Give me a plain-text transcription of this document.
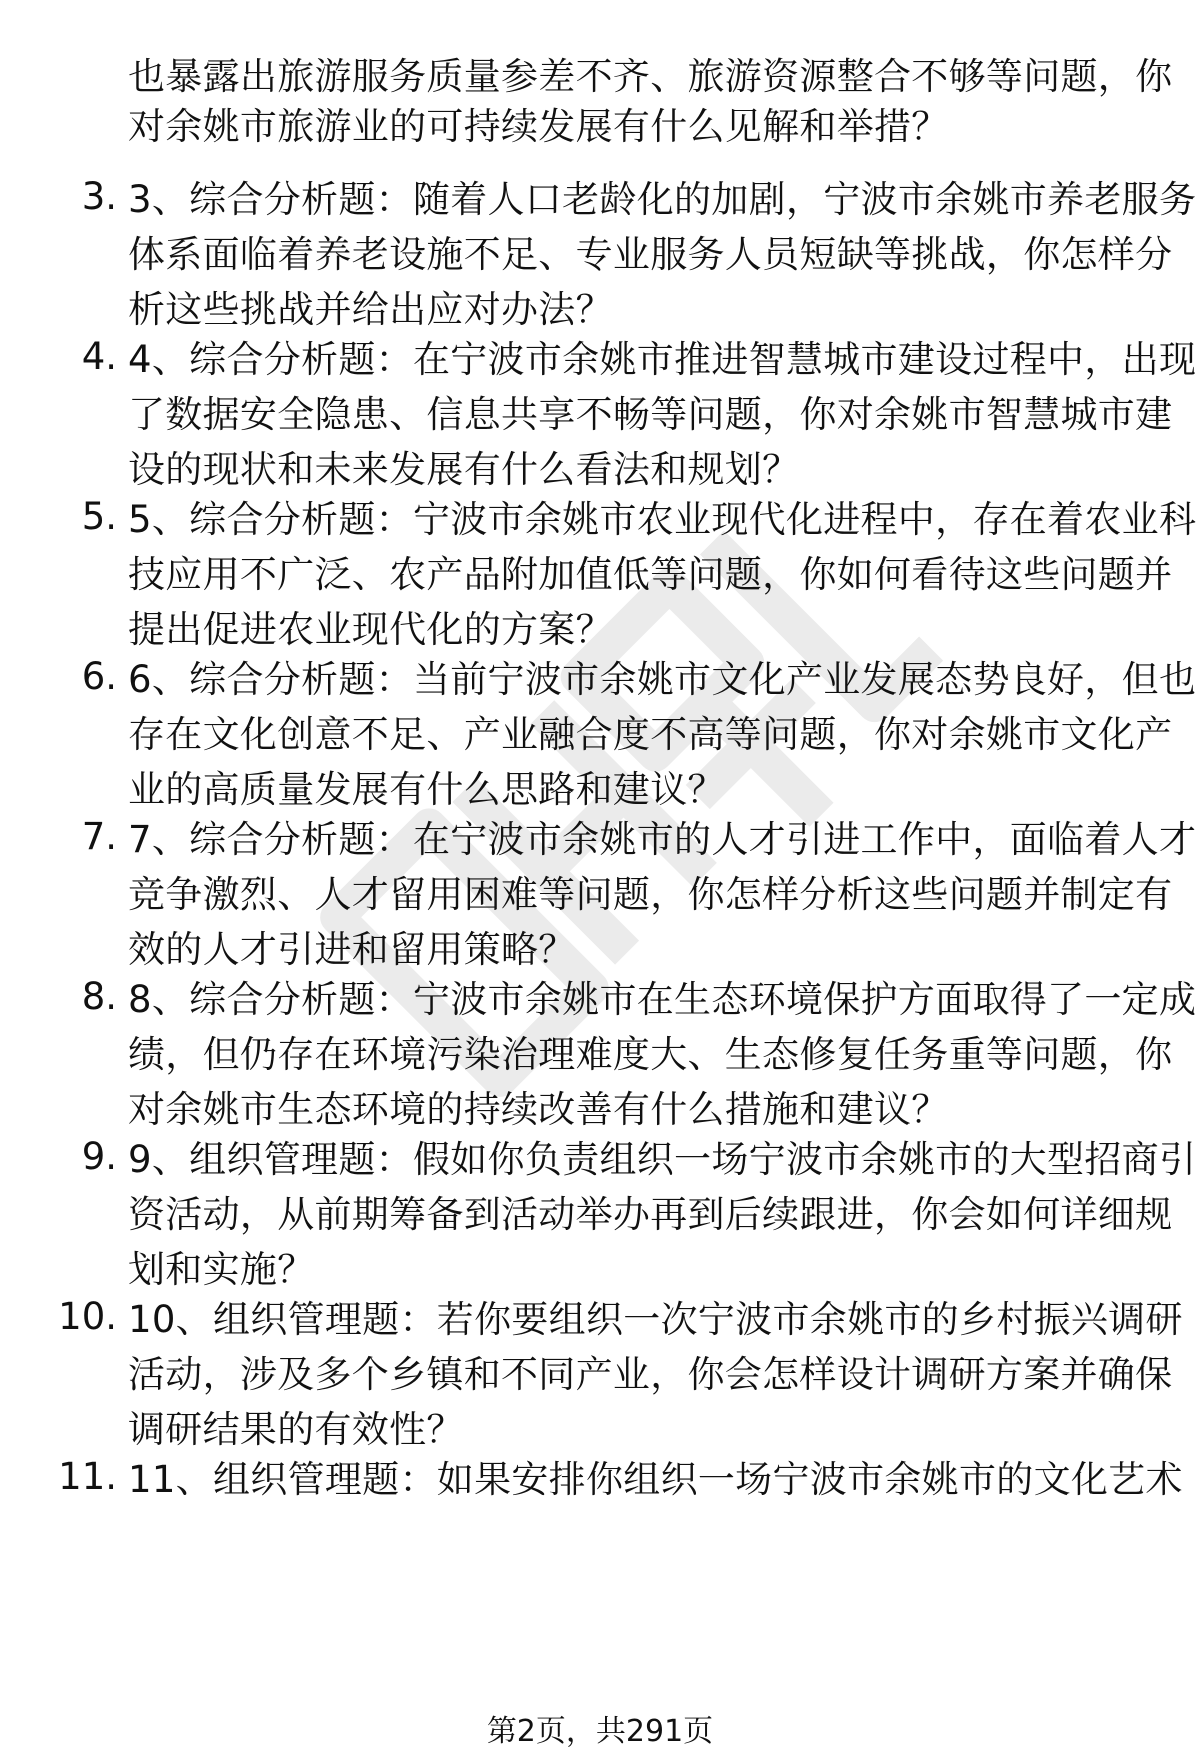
也暴露出旅游服务质量参差不齐、旅游资源整合不够等问题，你
对余姚市旅游业的可持续发展有什么见解和举措？
3. 3、综合分析题：随着人口老龄化的加剧，宁波市余姚市养老服务
体系面临着养老设施不足、专业服务人员短缺等挑战，你怎样分
析这些挑战并给出应对办法？
4. 4、综合分析题：在宁波市余姚市推进智慧城市建设过程中，出现
了数据安全隐患、信息共享不畅等问题，你对余姚市智慧城市建
设的现状和未来发展有什么看法和规划？
5. 5、综合分析题：宁波市余姚市农业现代化进程中，存在着农业科
技应用不广泛、农产品附加值低等问题，你如何看待这些问题并
提出促进农业现代化的方案？
6. 6、综合分析题：当前宁波市余姚市文化产业发展态势良好，但也
存在文化创意不足、产业融合度不高等问题，你对余姚市文化产
业的高质量发展有什么思路和建议？
7. 7、综合分析题：在宁波市余姚市的人才引进工作中，面临着人才
竞争激烈、人才留用困难等问题，你怎样分析这些问题并制定有
效的人才引进和留用策略？
8. 8、综合分析题：宁波市余姚市在生态环境保护方面取得了一定成
绩，但仍存在环境污染治理难度大、生态修复任务重等问题，你
对余姚市生态环境的持续改善有什么措施和建议？
9. 9、组织管理题：假如你负责组织一场宁波市余姚市的大型招商引
资活动，从前期筹备到活动举办再到后续跟进，你会如何详细规
划和实施？
10. 10、组织管理题：若你要组织一次宁波市余姚市的乡村振兴调研
活动，涉及多个乡镇和不同产业，你会怎样设计调研方案并确保
调研结果的有效性？
11. 11、组织管理题：如果安排你组织一场宁波市余姚市的文化艺术
第2页，共291页
